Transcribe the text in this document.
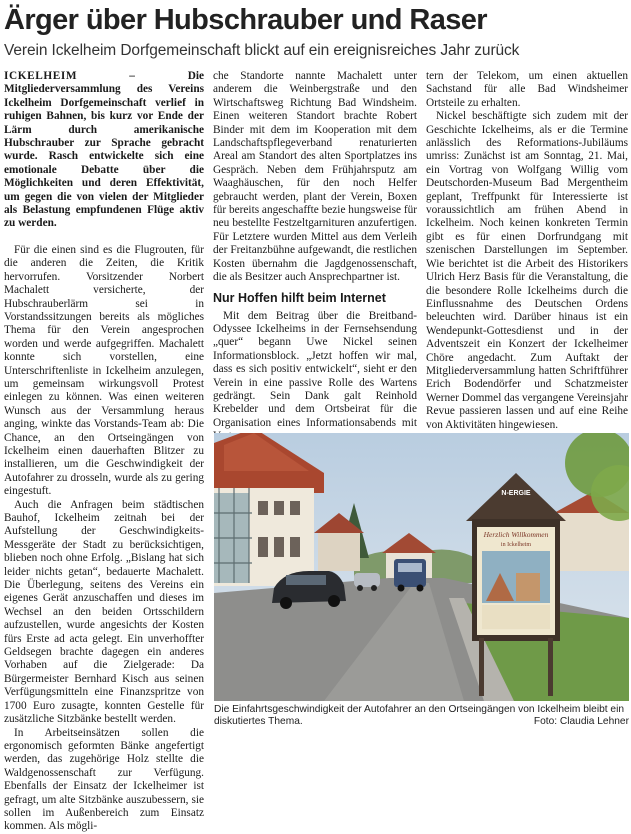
Ärger über Hubschrauber und Raser
Verein Ickelheim Dorfgemeinschaft blickt auf ein ereignisreiches Jahr zurück

ICKELHEIM – Die Mitgliederversammlung des Vereins Ickelheim Dorfgemeinschaft verlief in ruhigen Bahnen, bis kurz vor Ende der Lärm durch amerikanische Hubschrauber zur Sprache gebracht wurde. Rasch entwickelte sich eine emotionale Debatte über die Möglichkeiten und deren Effektivität, um gegen die von vielen der Mitglieder als Belastung empfundenen Flüge aktiv zu werden.

Für die einen sind es die Flugrouten, für die anderen die Zeiten, die Kritik hervorrufen. Vorsitzender Norbert Machalett versicherte, der Hubschrauberlärm sei in Vorstandssitzungen bereits als mögliches Thema für den Verein angesprochen worden und werde aufgegriffen. Machalett konnte sich vorstellen, eine Unterschriftenliste in Ickelheim anzulegen, um gemeinsam wirkungsvoll Protest einlegen zu können. Was einen weiteren Wunsch aus der Versammlung heraus anging, winkte das Vorstands-Team ab: Die Chance, an den Ortseingängen von Ickelheim einen dauerhaften Blitzer zu installieren, um die Geschwindigkeit der Autofahrer zu drosseln, wurde als zu gering eingestuft.

Auch die Anfragen beim städtischen Bauhof, Ickelheim zeitnah bei der Aufstellung der Geschwindigkeits-Messgeräte der Stadt zu berücksichtigen, blieben noch ohne Erfolg. „Bislang hat sich leider nichts getan“, bedauerte Machalett. Die Überlegung, seitens des Vereins ein eigenes Gerät anzuschaffen und dieses im Wechsel an den beiden Ortsschildern aufzustellen, wurde angesichts der Kosten fürs Erste ad acta gelegt. Ein unverhoffter Geldsegen brachte dagegen ein anderes Vorhaben auf die Zielgerade: Da Bürgermeister Bernhard Kisch aus seinen Verfügungsmitteln eine Finanzspritze von 1700 Euro zusagte, konnten Gestelle für zusätzliche Sitzbänke bestellt werden.

In Arbeitseinsätzen sollen die ergonomisch geformten Bänke angefertigt werden, das zugehörige Holz stellte die Waldgenossenschaft zur Verfügung. Ebenfalls der Einsatz der Ickelheimer ist gefragt, um alte Sitzbänke auszubessern, sie sollen im Außenbereich zum Einsatz kommen. Als mögli-

che Standorte nannte Machalett unter anderem die Weinbergstraße und den Wirtschaftsweg Richtung Bad Windsheim. Einen weiteren Standort brachte Robert Binder mit dem im Kooperation mit dem Landschaftspflegeverband renaturierten Areal am Standort des alten Sportplatzes ins Gespräch. Neben dem Frühjahrsputz am Waaghäuschen, für den noch Helfer gebraucht werden, plant der Verein, Boxen für bereits angeschaffte bezie hungsweise für neu bestellte Festzeltgarnituren anzufertigen. Für Letztere wurden Mittel aus dem Verleih der Freitanzbühne aufgewandt, die restlichen Kosten übernahm die Jagdgenossenschaft, die als Besitzer auch Ansprechpartner ist.

Nur Hoffen hilft beim Internet

Mit dem Beitrag über die Breitband-Odyssee Ickelheims in der Fernsehsendung „quer“ begann Uwe Nickel seinen Informationsblock. „Jetzt hoffen wir mal, dass es sich positiv entwickelt“, sieht er den Verein in eine passive Rolle des Wartens gedrängt. Sein Dank galt Reinhold Krebelder und dem Ortsbeirat für die Organisation eines Informationsabends mit

tern der Telekom, um einen aktuellen Sachstand für alle Bad Windsheimer Ortsteile zu erhalten.

Nickel beschäftigte sich zudem mit der Geschichte Ickelheims, als er die Termine anlässlich des Reformations-Jubiläums umriss: Zunächst ist am Sonntag, 21. Mai, ein Vortrag von Wolfgang Willig vom Deutschorden-Museum Bad Mergentheim geplant, Treffpunkt für Interessierte ist voraussichtlich am frühen Abend in Ickelheim. Noch keinen konkreten Termin gibt es für einen Dorfrundgang mit szenischen Darstellungen im September. Wie berichtet ist die Arbeit des Historikers Ulrich Herz Basis für die Veranstaltung, die die besondere Rolle Ickelheims durch die Einflussnahme des Deutschen Ordens beleuchten wird. Darüber hinaus ist ein Wendepunkt-Gottesdienst und in der Adventszeit ein Konzert der Ickelheimer Chöre angedacht. Zum Auftakt der Mitgliederversammlung hatten Schriftführer Erich Bodendörfer und Schatzmeister Werner Dommel das vergangene Vereinsjahr Revue passieren lassen und auf eine Reihe von Aktivitäten hingewiesen.

N-ERGIE
Herzlich Willkommen
in Ickelheim
Die Einfahrtsgeschwindigkeit der Autofahrer an den Ortseingängen von Ickelheim bleibt ein diskutiertes Thema.	Foto: Claudia Lehner
